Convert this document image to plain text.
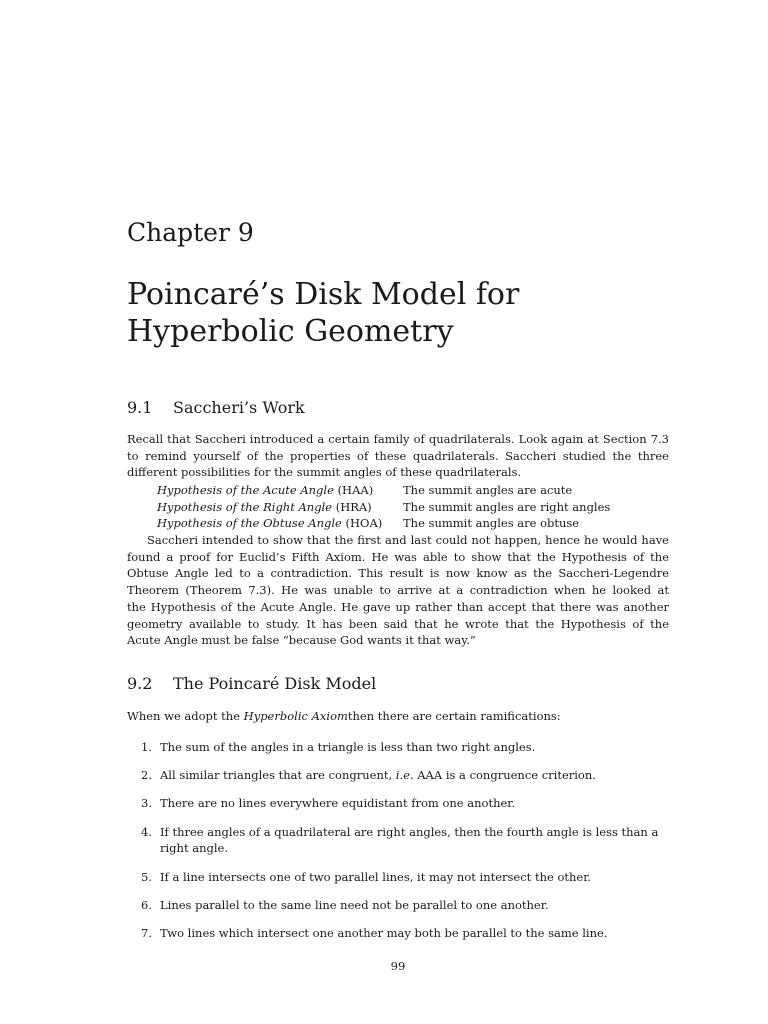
Chapter 9
Poincaré’s Disk Model for
Hyperbolic Geometry
9.1 Saccheri’s Work
Recall that Saccheri introduced a certain family of quadrilaterals. Look again at Section 7.3
to remind yourself of the properties of these quadrilaterals. Saccheri studied the three
different possibilities for the summit angles of these quadrilaterals.
Hypothesis of the Acute Angle (HAA)	The summit angles are acute
Hypothesis of the Right Angle (HRA)	The summit angles are right angles
Hypothesis of the Obtuse Angle (HOA) The summit angles are obtuse
Saccheri intended to show that the first and last could not happen, hence he would have
found a proof for Euclid’s Fifth Axiom. He was able to show that the Hypothesis of the
Obtuse Angle led to a contradiction. This result is now know as the Saccheri-Legendre
Theorem (Theorem 7.3). He was unable to arrive at a contradiction when he looked at
the Hypothesis of the Acute Angle. He gave up rather than accept that there was another
geometry available to study. It has been said that he wrote that the Hypothesis of the
Acute Angle must be false “because God wants it that way.”
9.2 The Poincaré Disk Model
When we adopt the Hyperbolic Axiomthen there are certain ramifications:
1. The sum of the angles in a triangle is less than two right angles.
2. All similar triangles that are congruent, i.e. AAA is a congruence criterion.
3. There are no lines everywhere equidistant from one another.
4. If three angles of a quadrilateral are right angles, then the fourth angle is less than a
right angle.
5. If a line intersects one of two parallel lines, it may not intersect the other.
6. Lines parallel to the same line need not be parallel to one another.
7. Two lines which intersect one another may both be parallel to the same line.
99
